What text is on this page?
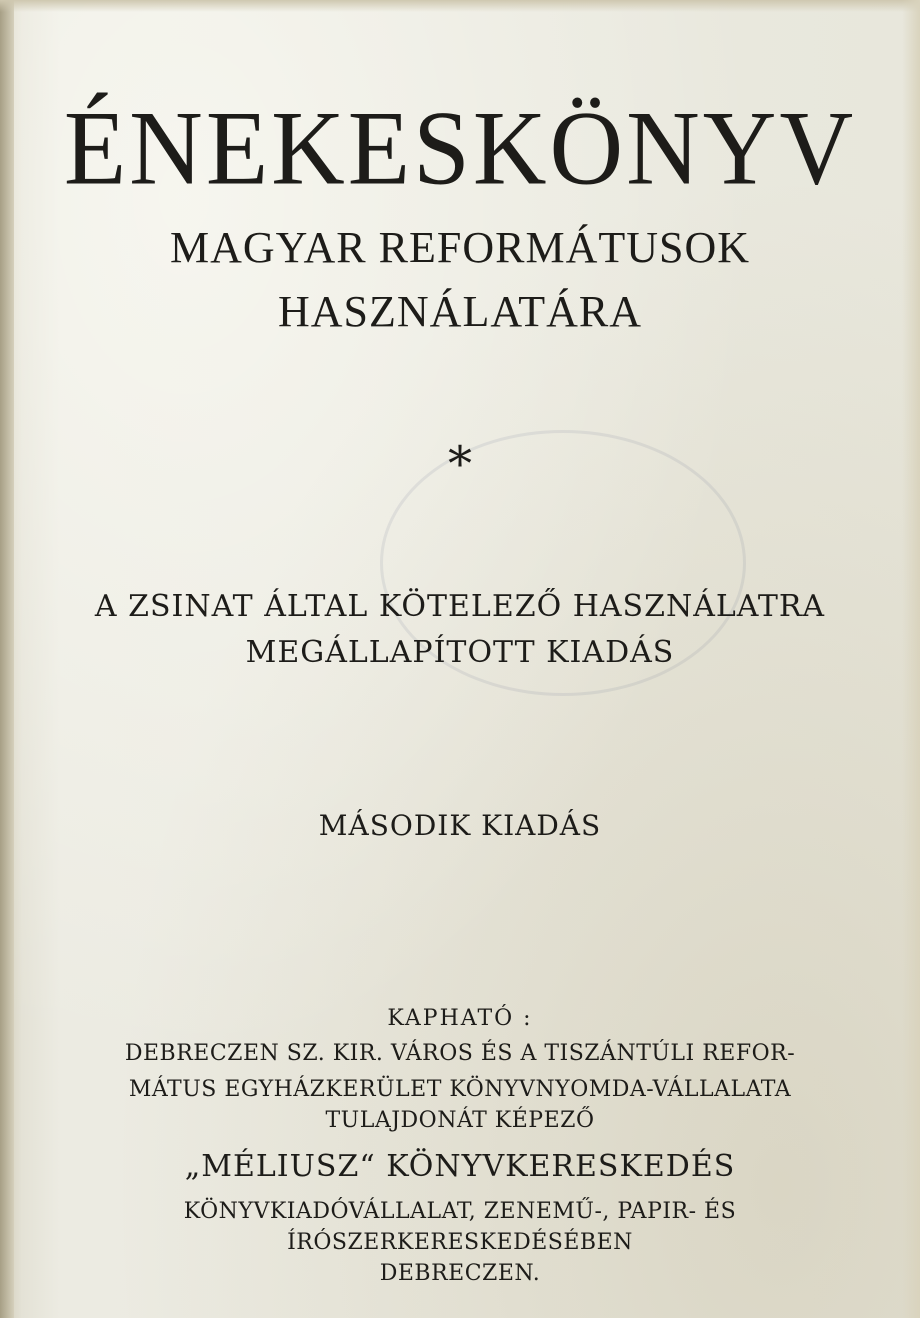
ÉNEKESKÖNYV
MAGYAR REFORMÁTUSOK
HASZNÁLATÁRA
*
A ZSINAT ÁLTAL KÖTELEZŐ HASZNÁLATRA
MEGÁLLAPÍTOTT KIADÁS
MÁSODIK KIADÁS
KAPHATÓ :
DEBRECZEN SZ. KIR. VÁROS ÉS A TISZÁNTÚLI REFOR-
MÁTUS EGYHÁZKERÜLET KÖNYVNYOMDA-VÁLLALATA
TULAJDONÁT KÉPEZŐ
„MÉLIUSZ“ KÖNYVKERESKEDÉS
KÖNYVKIADÓVÁLLALAT, ZENEMŰ-, PAPIR- ÉS
ÍRÓSZERKERESKEDÉSÉBEN
DEBRECZEN.
